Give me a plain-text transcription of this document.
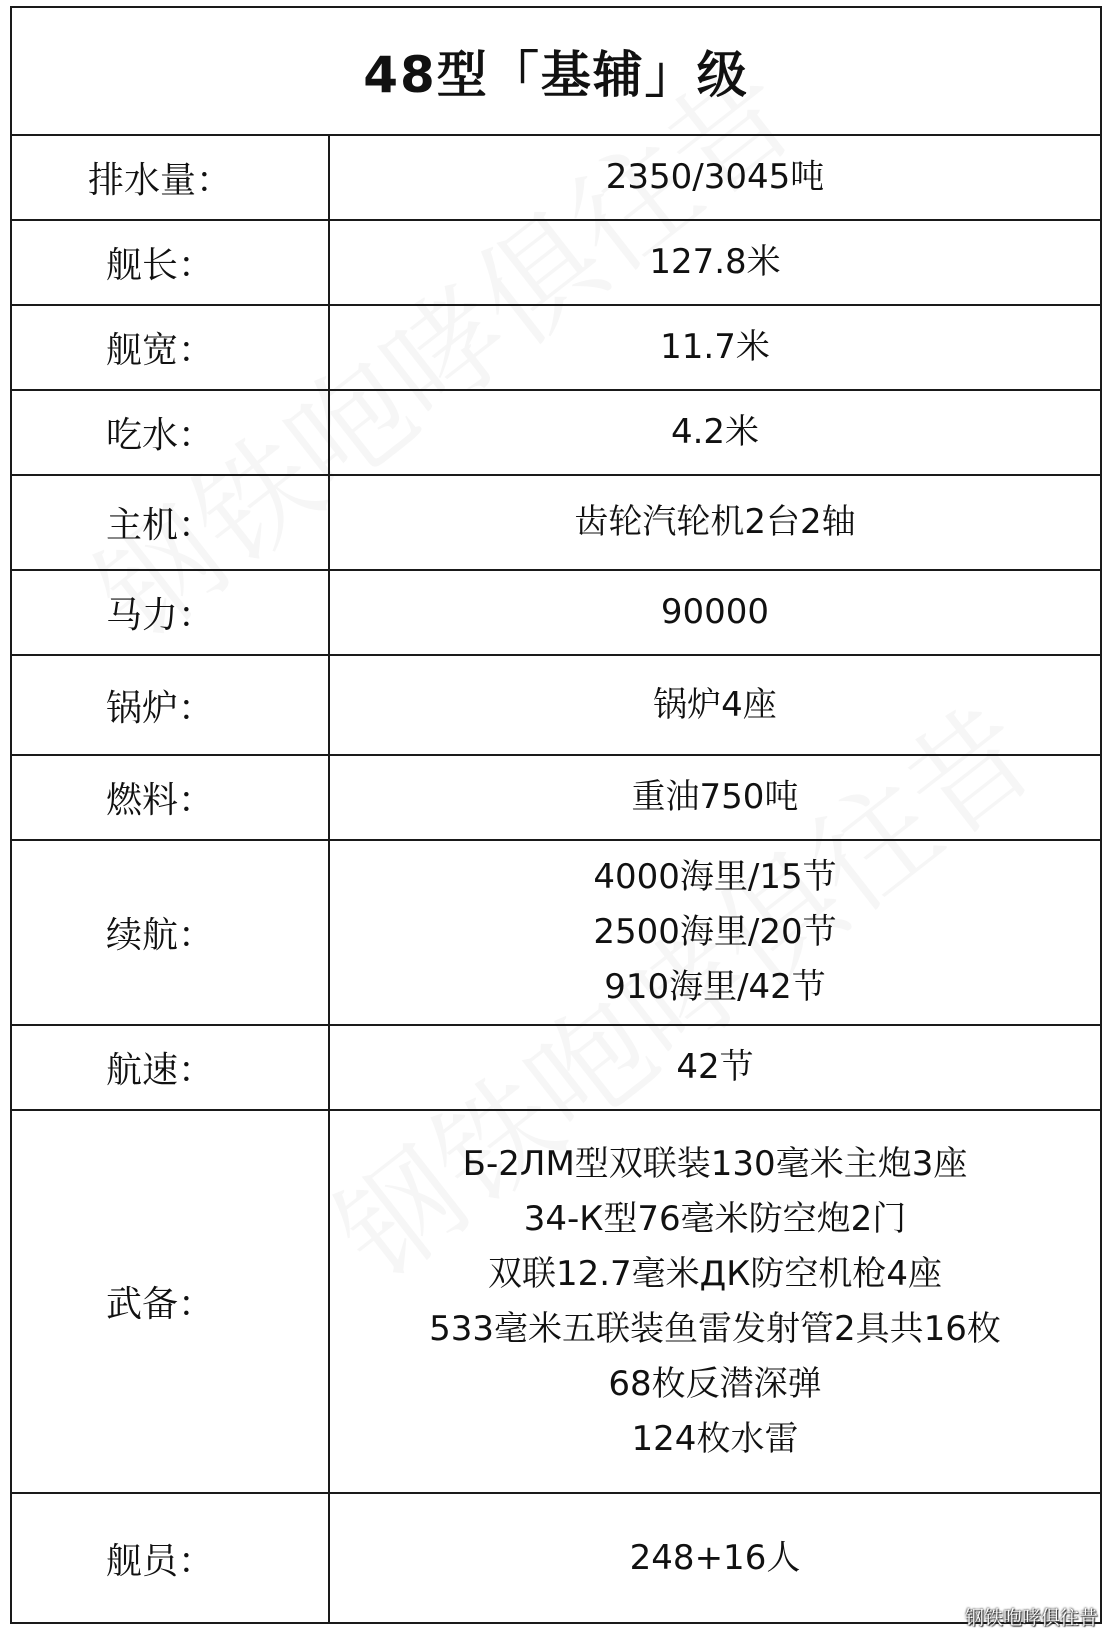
48型「基辅」级
排水量：	2350/3045吨
舰长：	127.8米
舰宽：	11.7米
吃水：	4.2米
主机：	齿轮汽轮机2台2轴
马力：	90000
锅炉：	锅炉4座
燃料：	重油750吨
续航：
4000海里/15节
2500海里/20节
910海里/42节
航速：	42节
武备：
Б-2ЛМ型双联装130毫米主炮3座
34-К型76毫米防空炮2门
双联12.7毫米ДК防空机枪4座
533毫米五联装鱼雷发射管2具共16枚
68枚反潜深弹
124枚水雷
舰员：	248+16人
钢铁咆哮俱往昔
